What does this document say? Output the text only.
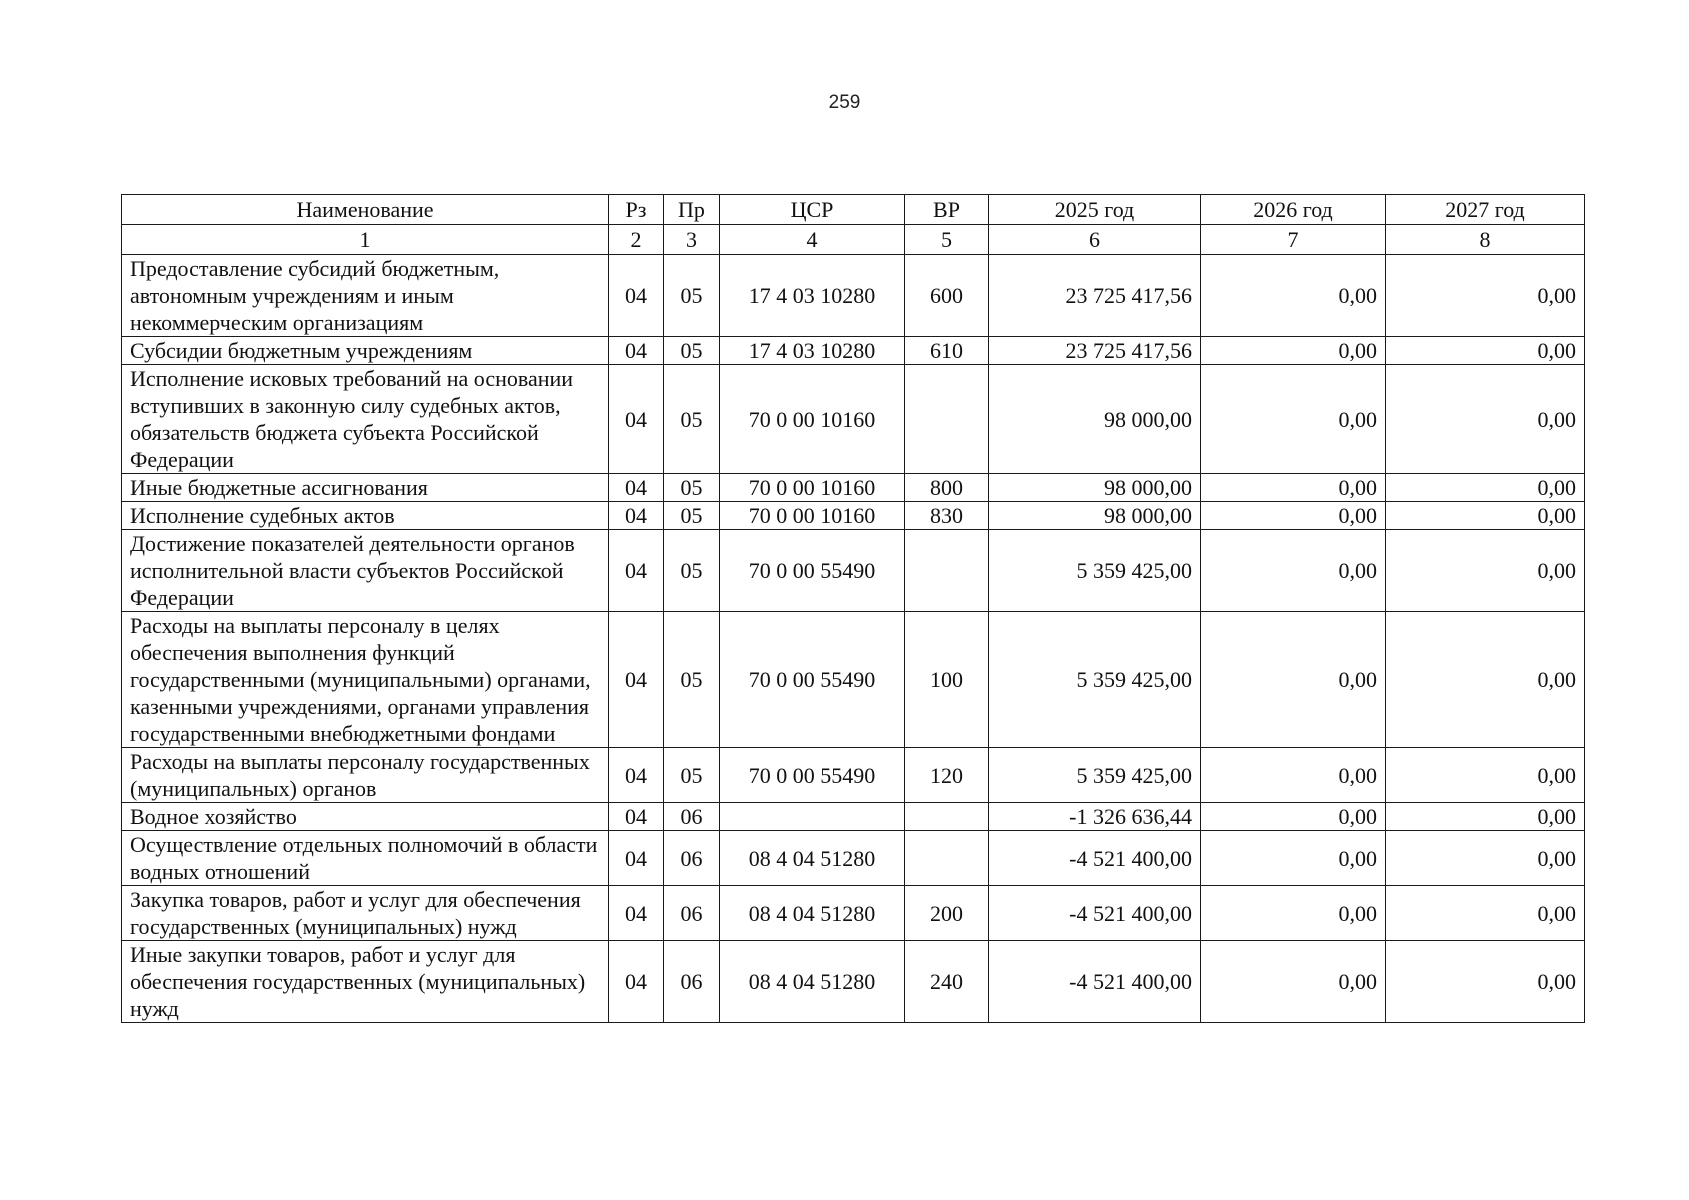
259
Наименование	Рз	Пр	ЦСР	ВР	2025 год	2026 год	2027 год
1	2	3	4	5	6	7	8
Предоставление субсидий бюджетным, автономным учреждениям и иным некоммерческим организациям	04	05	17 4 03 10280	600	23 725 417,56	0,00	0,00
Субсидии бюджетным учреждениям	04	05	17 4 03 10280	610	23 725 417,56	0,00	0,00
Исполнение исковых требований на основании вступивших в законную силу судебных актов, обязательств бюджета субъекта Российской Федерации	04	05	70 0 00 10160		98 000,00	0,00	0,00
Иные бюджетные ассигнования	04	05	70 0 00 10160	800	98 000,00	0,00	0,00
Исполнение судебных актов	04	05	70 0 00 10160	830	98 000,00	0,00	0,00
Достижение показателей деятельности органов исполнительной власти субъектов Российской Федерации	04	05	70 0 00 55490		5 359 425,00	0,00	0,00
Расходы на выплаты персоналу в целях обеспечения выполнения функций государственными (муниципальными) органами, казенными учреждениями, органами управления государственными внебюджетными фондами	04	05	70 0 00 55490	100	5 359 425,00	0,00	0,00
Расходы на выплаты персоналу государственных (муниципальных) органов	04	05	70 0 00 55490	120	5 359 425,00	0,00	0,00
Водное хозяйство	04	06			-1 326 636,44	0,00	0,00
Осуществление отдельных полномочий в области водных отношений	04	06	08 4 04 51280		-4 521 400,00	0,00	0,00
Закупка товаров, работ и услуг для обеспечения государственных (муниципальных) нужд	04	06	08 4 04 51280	200	-4 521 400,00	0,00	0,00
Иные закупки товаров, работ и услуг для обеспечения государственных (муниципальных) нужд	04	06	08 4 04 51280	240	-4 521 400,00	0,00	0,00
